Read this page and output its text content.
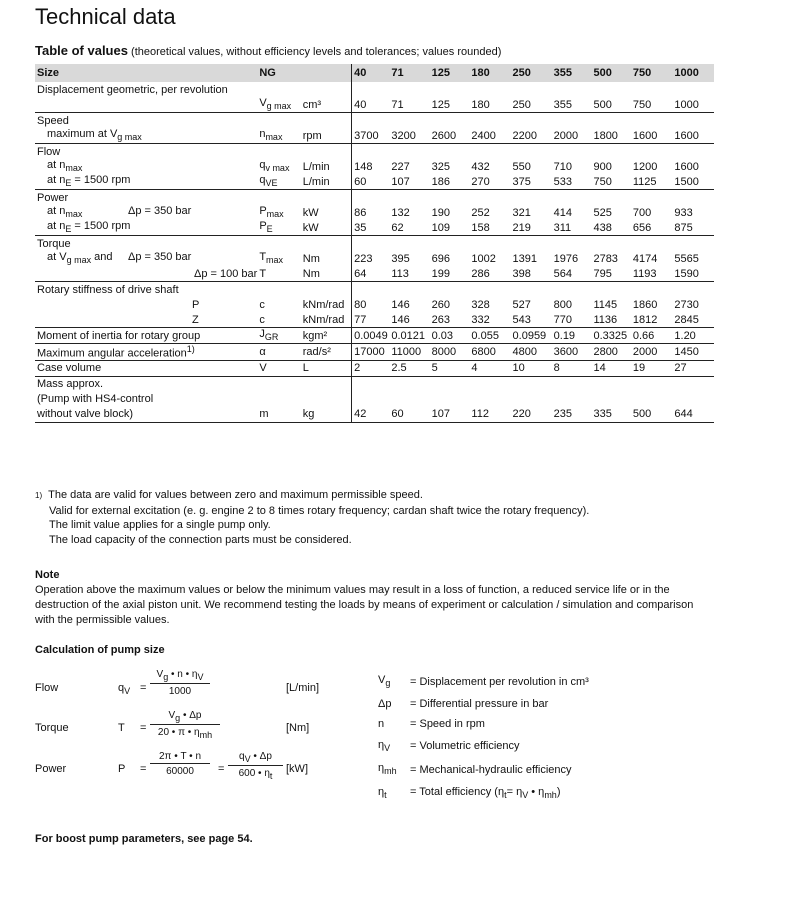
Technical data
Table of values (theoretical values, without efficiency levels and tolerances; values rounded)
Size	NG		40	71	125	180	250	355	500	750	1000
Displacement geometric, per revolution											
	$V_{g max}$	cm³	40	71	125	180	250	355	500	750	1000
Speed											
maximum at $V_{g max}$	$n_{max}$	rpm	3700	3200	2600	2400	2200	2000	1800	1600	1600
Flow											
at $n_{max}$	$q_{v max}$	L/min	148	227	325	432	550	710	900	1200	1600
at $n_E = 1500$ rpm	$q_{VE}$	L/min	60	107	186	270	375	533	750	1125	1500
Power											
at $n_{max}$ Δp = 350 bar	$P_{max}$	kW	86	132	190	252	321	414	525	700	933
at $n_E = 1500$ rpm	$P_E$	kW	35	62	109	158	219	311	438	656	875
Torque											
at $V_{g max}$ and Δp = 350 bar	$T_{max}$	Nm	223	395	696	1002	1391	1976	2783	4174	5565
Δp = 100 bar	T	Nm	64	113	199	286	398	564	795	1193	1590
Rotary stiffness of drive shaft											
P	c	kNm/rad	80	146	260	328	527	800	1145	1860	2730
Z	c	kNm/rad	77	146	263	332	543	770	1136	1812	2845
Moment of inertia for rotary group	$J_{GR}$	kgm²	0.0049	0.0121	0.03	0.055	0.0959	0.19	0.3325	0.66	1.20
Maximum angular acceleration$^{1)}$	α	rad/s²	17000	11000	8000	6800	4800	3600	2800	2000	1450
Case volume	V	L	2	2.5	5	4	10	8	14	19	27
Mass approx.											
(Pump with HS4-control											
without valve block)	m	kg	42	60	107	112	220	235	335	500	644
1) The data are valid for values between zero and maximum permissible speed.
Valid for external excitation (e. g. engine 2 to 8 times rotary frequency; cardan shaft twice the rotary frequency).
The limit value applies for a single pump only.
The load capacity of the connection parts must be considered.
Note
Operation above the maximum values or below the minimum values may result in a loss of function, a reduced service life or in the destruction of the axial piston unit. We recommend testing the loads by means of experiment or calculation / simulation and comparison with the permissible values.
Calculation of pump size
Flow	$q_V = \frac{V_g • n • \eta_V}{1000}$	[L/min]
Torque	T =
$V_g$ • Δp
20 • π • $\eta_{mh}$
[Nm]
Power	$P = \frac{2\pi • T • n}{60000} = \frac{q_V • \Delta p}{600 • \eta_t} [kW]$
$V_g$	= Displacement per revolution in cm³
Δp	= Differential pressure in bar
n	= Speed in rpm
$\eta_V$	= Volumetric efficiency
$\eta_{mh}$	= Mechanical-hydraulic efficiency
$\eta_t$	= Total efficiency ($\eta_t= \eta_V$ • $\eta_{mh}$)
For boost pump parameters, see page 54.
